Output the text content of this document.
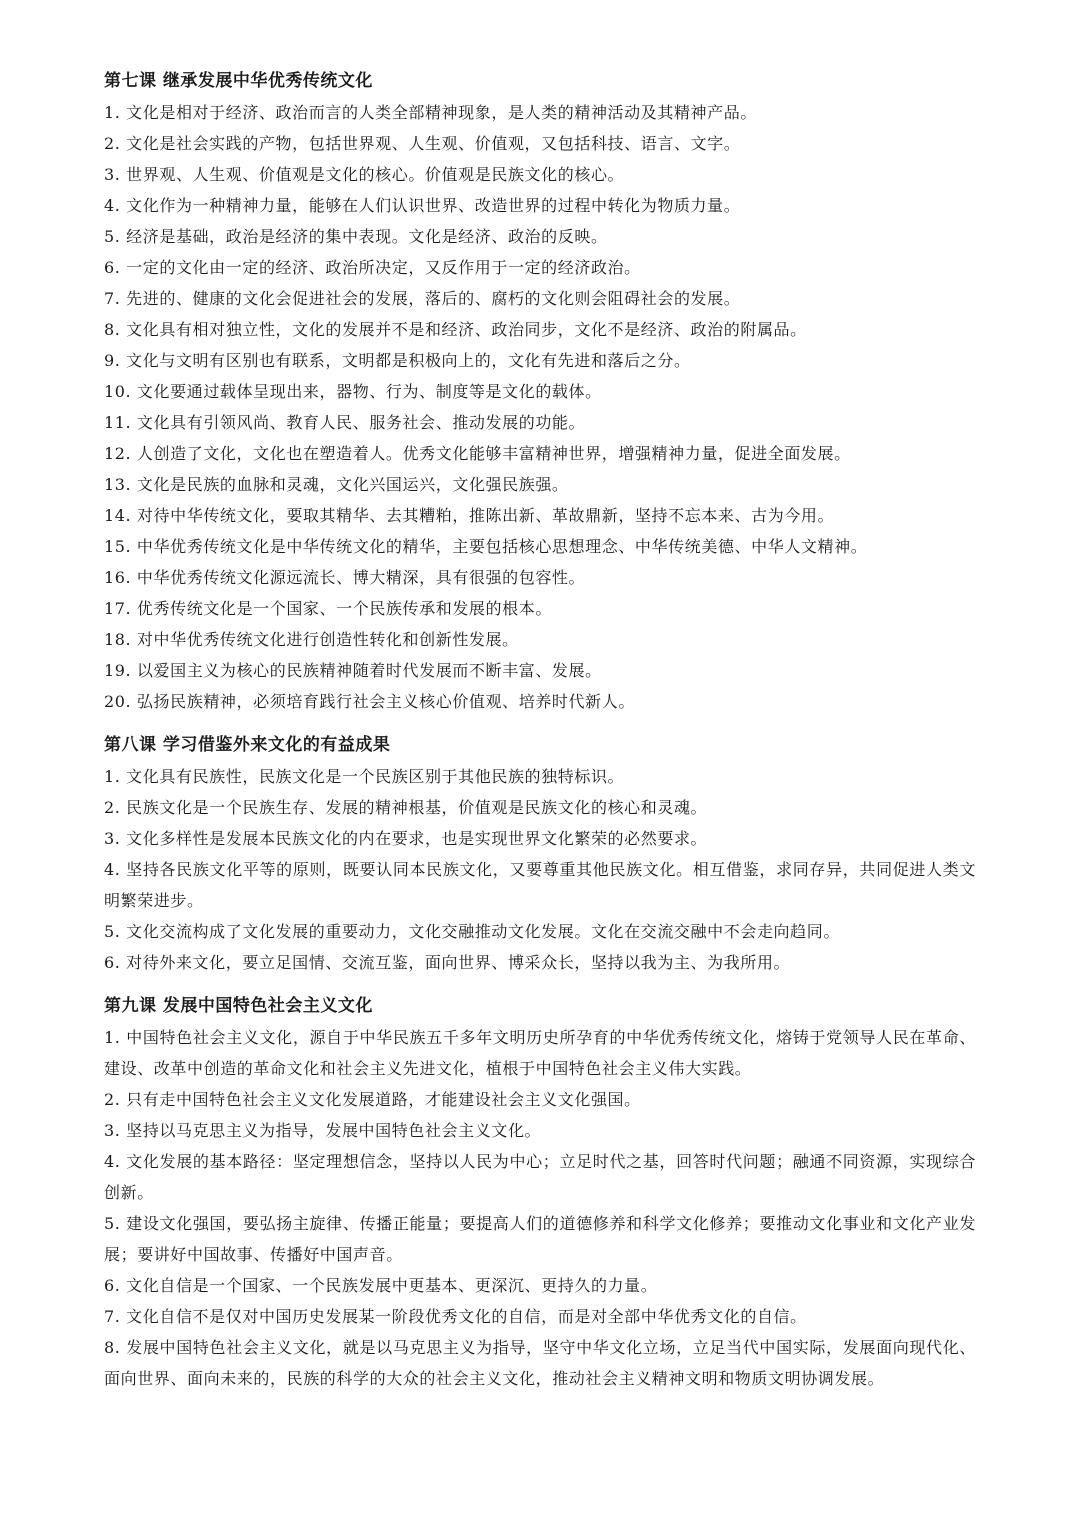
第七课 继承发展中华优秀传统文化

1. 文化是相对于经济、政治而言的人类全部精神现象，是人类的精神活动及其精神产品。

2. 文化是社会实践的产物，包括世界观、人生观、价值观，又包括科技、语言、文字。

3. 世界观、人生观、价值观是文化的核心。价值观是民族文化的核心。

4. 文化作为一种精神力量，能够在人们认识世界、改造世界的过程中转化为物质力量。

5. 经济是基础，政治是经济的集中表现。文化是经济、政治的反映。

6. 一定的文化由一定的经济、政治所决定，又反作用于一定的经济政治。

7. 先进的、健康的文化会促进社会的发展，落后的、腐朽的文化则会阻碍社会的发展。

8. 文化具有相对独立性，文化的发展并不是和经济、政治同步，文化不是经济、政治的附属品。

9. 文化与文明有区别也有联系，文明都是积极向上的，文化有先进和落后之分。

10. 文化要通过载体呈现出来，器物、行为、制度等是文化的载体。

11. 文化具有引领风尚、教育人民、服务社会、推动发展的功能。

12. 人创造了文化，文化也在塑造着人。优秀文化能够丰富精神世界，增强精神力量，促进全面发展。

13. 文化是民族的血脉和灵魂，文化兴国运兴，文化强民族强。

14. 对待中华传统文化，要取其精华、去其糟粕，推陈出新、革故鼎新，坚持不忘本来、古为今用。

15. 中华优秀传统文化是中华传统文化的精华，主要包括核心思想理念、中华传统美德、中华人文精神。

16. 中华优秀传统文化源远流长、博大精深，具有很强的包容性。

17. 优秀传统文化是一个国家、一个民族传承和发展的根本。

18. 对中华优秀传统文化进行创造性转化和创新性发展。

19. 以爱国主义为核心的民族精神随着时代发展而不断丰富、发展。

20. 弘扬民族精神，必须培育践行社会主义核心价值观、培养时代新人。

第八课 学习借鉴外来文化的有益成果

1. 文化具有民族性，民族文化是一个民族区别于其他民族的独特标识。

2. 民族文化是一个民族生存、发展的精神根基，价值观是民族文化的核心和灵魂。

3. 文化多样性是发展本民族文化的内在要求，也是实现世界文化繁荣的必然要求。

4. 坚持各民族文化平等的原则，既要认同本民族文化，又要尊重其他民族文化。相互借鉴，求同存异，共同促进人类文明繁荣进步。

5. 文化交流构成了文化发展的重要动力，文化交融推动文化发展。文化在交流交融中不会走向趋同。

6. 对待外来文化，要立足国情、交流互鉴，面向世界、博采众长，坚持以我为主、为我所用。

第九课 发展中国特色社会主义文化

1. 中国特色社会主义文化，源自于中华民族五千多年文明历史所孕育的中华优秀传统文化，熔铸于党领导人民在革命、建设、改革中创造的革命文化和社会主义先进文化，植根于中国特色社会主义伟大实践。

2. 只有走中国特色社会主义文化发展道路，才能建设社会主义文化强国。

3. 坚持以马克思主义为指导，发展中国特色社会主义文化。

4. 文化发展的基本路径：坚定理想信念，坚持以人民为中心；立足时代之基，回答时代问题；融通不同资源，实现综合创新。

5. 建设文化强国，要弘扬主旋律、传播正能量；要提高人们的道德修养和科学文化修养；要推动文化事业和文化产业发展；要讲好中国故事、传播好中国声音。

6. 文化自信是一个国家、一个民族发展中更基本、更深沉、更持久的力量。

7. 文化自信不是仅对中国历史发展某一阶段优秀文化的自信，而是对全部中华优秀文化的自信。

8. 发展中国特色社会主义文化，就是以马克思主义为指导，坚守中华文化立场，立足当代中国实际，发展面向现代化、面向世界、面向未来的，民族的科学的大众的社会主义文化，推动社会主义精神文明和物质文明协调发展。
